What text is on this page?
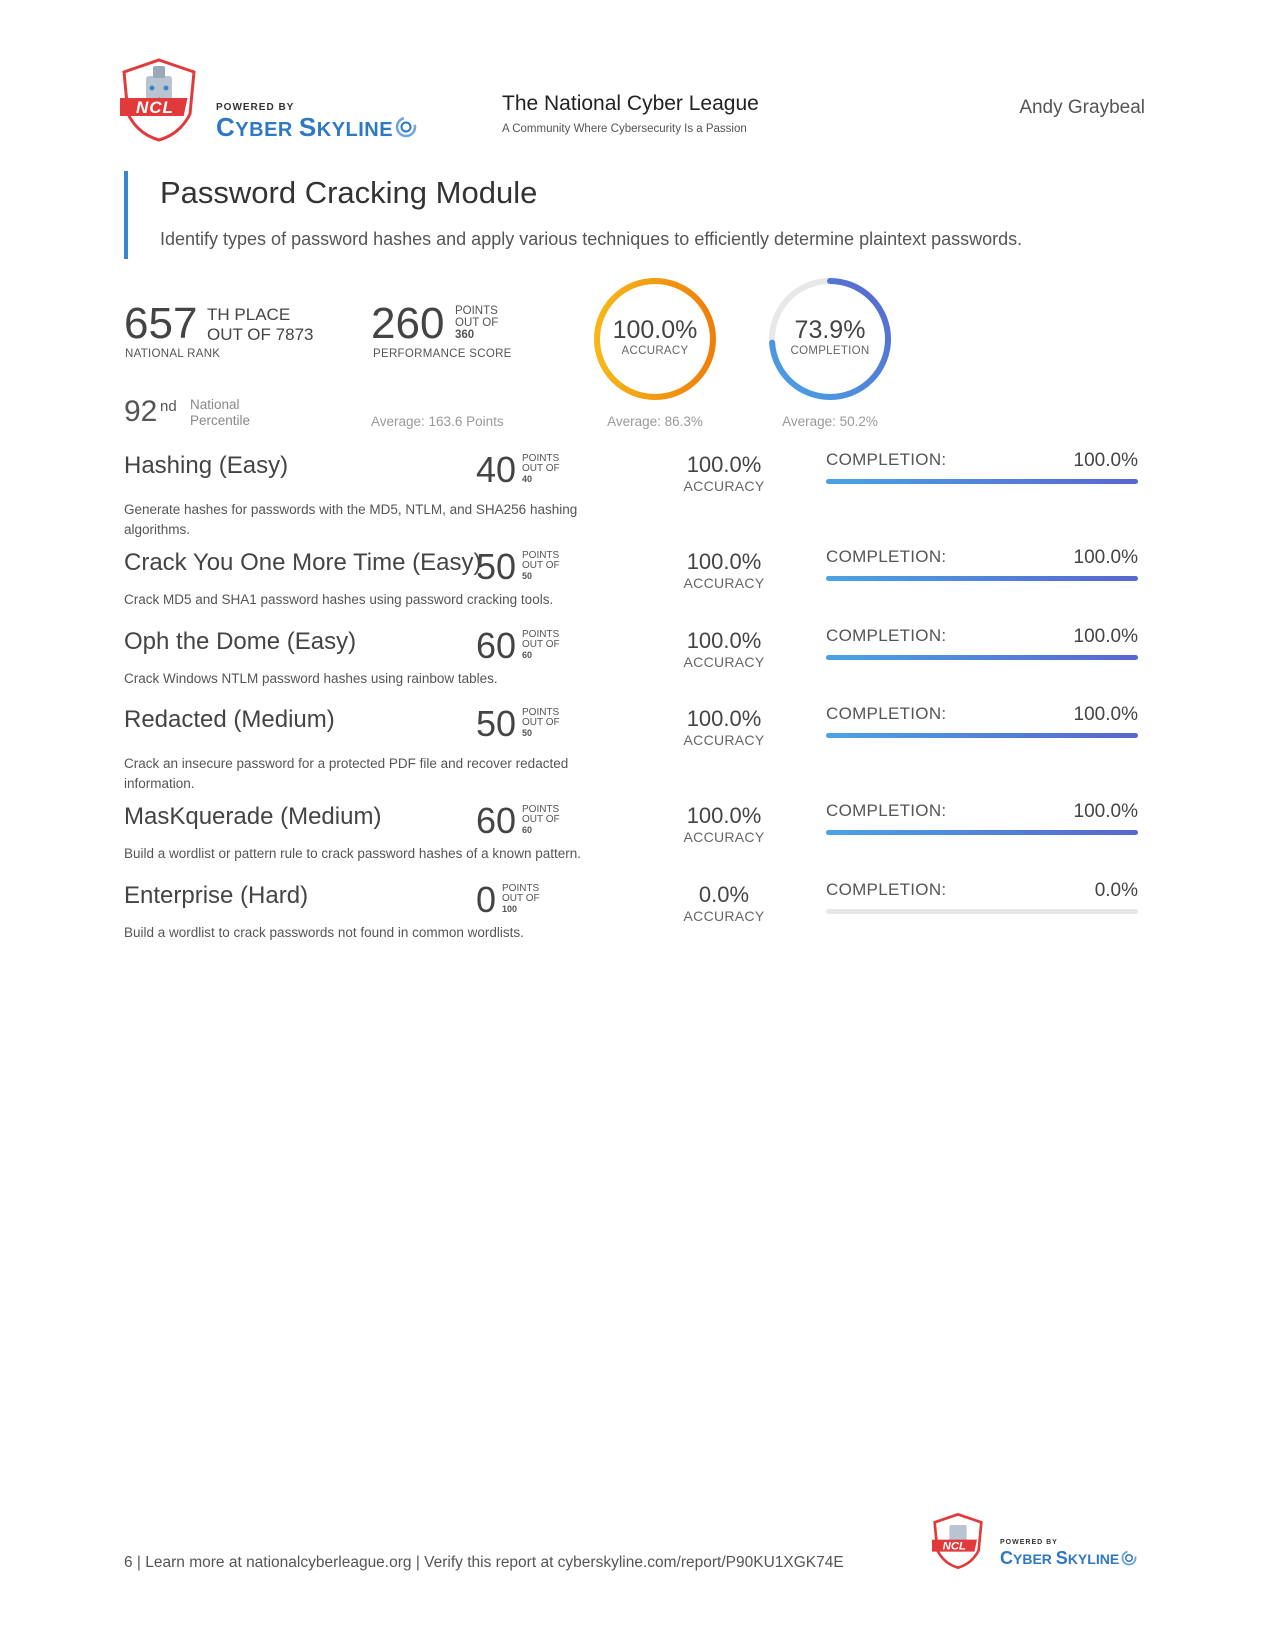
NCL	POWERED BY
CYBER SKYLINE
The National Cyber League
A Community Where Cybersecurity Is a Passion
Andy Graybeal
Password Cracking Module
Identify types of password hashes and apply various techniques to efficiently determine plaintext passwords.
657 TH PLACE
OUT OF 7873
NATIONAL RANK
92 nd National
Percentile
260 POINTS
OUT OF
360
PERFORMANCE SCORE
Average: 163.6 Points
100.0%
ACCURACY
Average: 86.3%
73.9%
COMPLETION
Average: 50.2%
Hashing (Easy)	40 POINTS
OUT OF
40
100.0%
ACCURACY
COMPLETION:	100.0%
Generate hashes for passwords with the MD5, NTLM, and SHA256 hashing algorithms.
Crack You One More Time (Easy)
50 POINTS
OUT OF
50
100.0%
ACCURACY
COMPLETION:	100.0%
Crack MD5 and SHA1 password hashes using password cracking tools.
Oph the Dome (Easy)	60 POINTS
OUT OF
60
100.0%
ACCURACY
COMPLETION:	100.0%
Crack Windows NTLM password hashes using rainbow tables.
Redacted (Medium)	50 POINTS
OUT OF
50
100.0%
ACCURACY
COMPLETION:	100.0%
Crack an insecure password for a protected PDF file and recover redacted information.
MasKquerade (Medium)	60 POINTS
OUT OF
60
100.0%
ACCURACY
COMPLETION:	100.0%
Build a wordlist or pattern rule to crack password hashes of a known pattern.
Enterprise (Hard)	0 POINTS
OUT OF
100
0.0%
ACCURACY
COMPLETION:	0.0%
Build a wordlist to crack passwords not found in common wordlists.
6 | Learn more at nationalcyberleague.org | Verify this report at cyberskyline.com/report/P90KU1XGK74E
NCL	POWERED BY
CYBER SKYLINE
